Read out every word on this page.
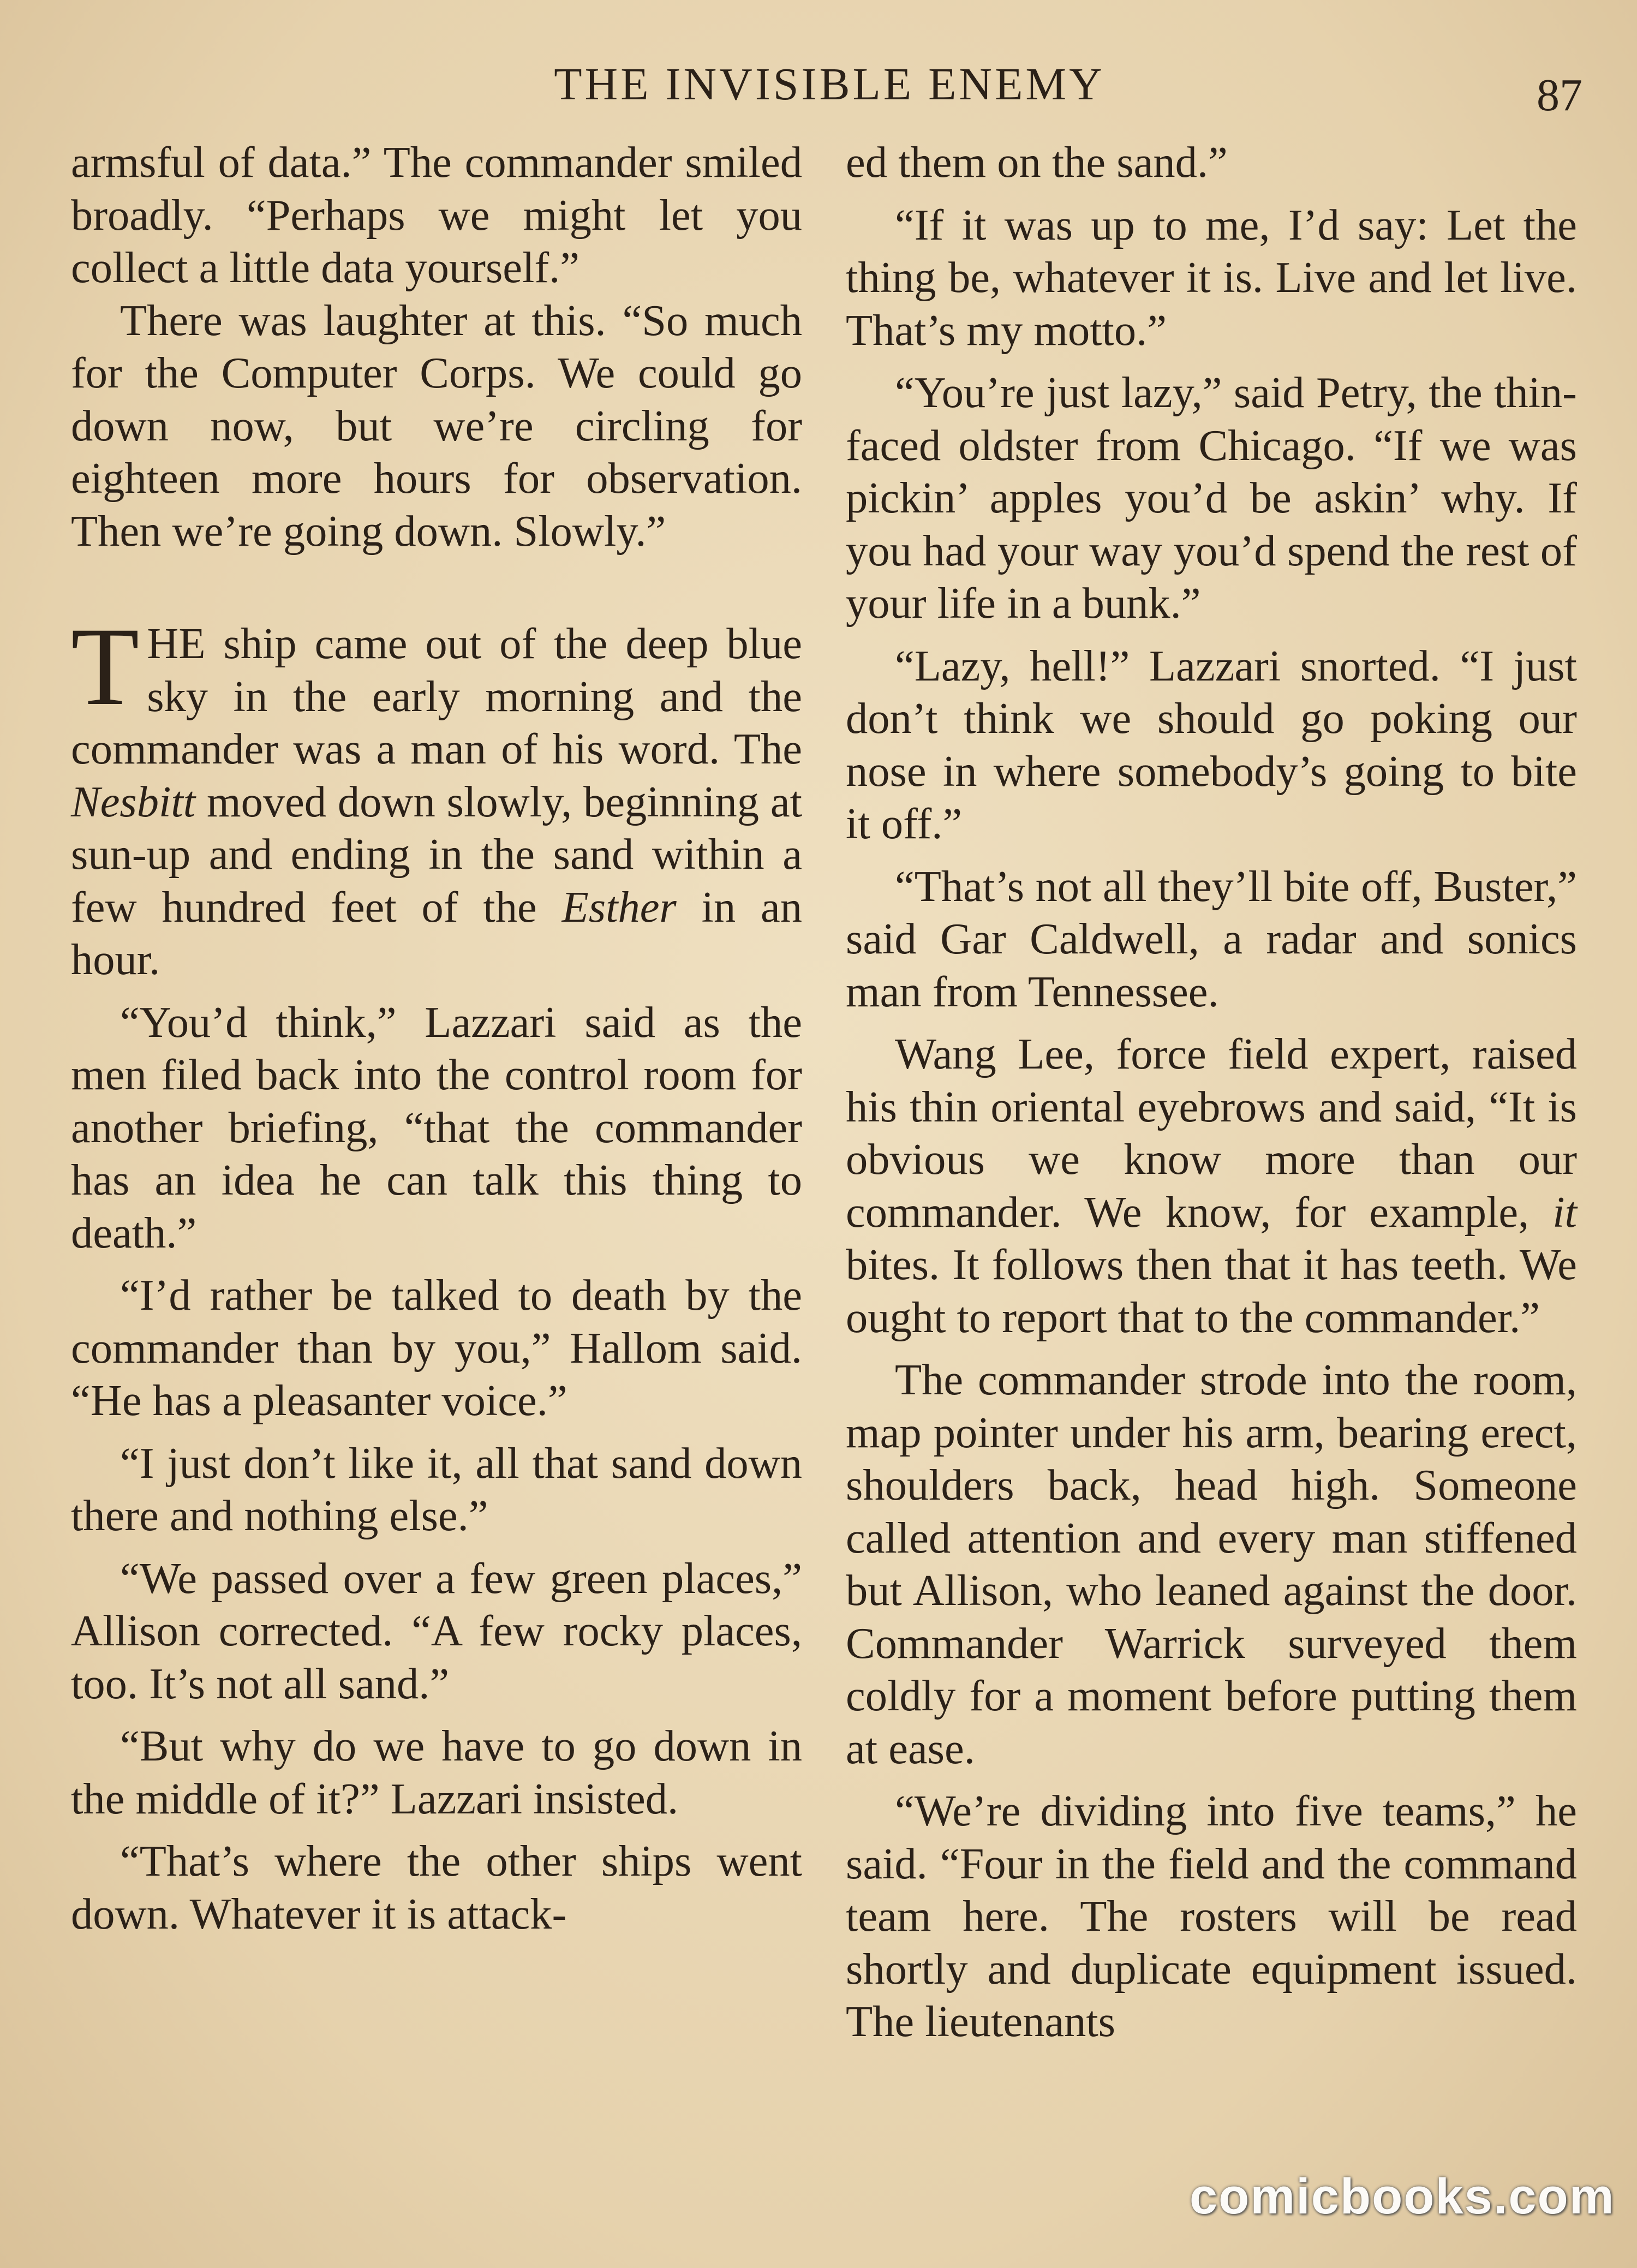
THE INVISIBLE ENEMY	87

armsful of data.” The commander smiled broadly. “Perhaps we might let you collect a little data yourself.”

There was laughter at this. “So much for the Computer Corps. We could go down now, but we’re circling for eighteen more hours for observation. Then we’re going down. Slowly.”

THE ship came out of the deep blue sky in the early morning and the commander was a man of his word. The Nesbitt moved down slowly, beginning at sun-up and ending in the sand within a few hundred feet of the Esther in an hour.

“You’d think,” Lazzari said as the men filed back into the control room for another briefing, “that the commander has an idea he can talk this thing to death.”

“I’d rather be talked to death by the commander than by you,” Hallom said. “He has a pleasanter voice.”

“I just don’t like it, all that sand down there and nothing else.”

“We passed over a few green places,” Allison corrected. “A few rocky places, too. It’s not all sand.”

“But why do we have to go down in the middle of it?” Lazzari insisted.

“That’s where the other ships went down. Whatever it is attack-

ed them on the sand.”

“If it was up to me, I’d say: Let the thing be, whatever it is. Live and let live. That’s my motto.”

“You’re just lazy,” said Petry, the thin-faced oldster from Chicago. “If we was pickin’ apples you’d be askin’ why. If you had your way you’d spend the rest of your life in a bunk.”

“Lazy, hell!” Lazzari snorted. “I just don’t think we should go poking our nose in where somebody’s going to bite it off.”

“That’s not all they’ll bite off, Buster,” said Gar Caldwell, a radar and sonics man from Tennessee.

Wang Lee, force field expert, raised his thin oriental eyebrows and said, “It is obvious we know more than our commander. We know, for example, it bites. It follows then that it has teeth. We ought to report that to the commander.”

The commander strode into the room, map pointer under his arm, bearing erect, shoulders back, head high. Someone called attention and every man stiffened but Allison, who leaned against the door. Commander Warrick surveyed them coldly for a moment before putting them at ease.

“We’re dividing into five teams,” he said. “Four in the field and the command team here. The rosters will be read shortly and duplicate equipment issued. The lieutenants

comicbooks.com
